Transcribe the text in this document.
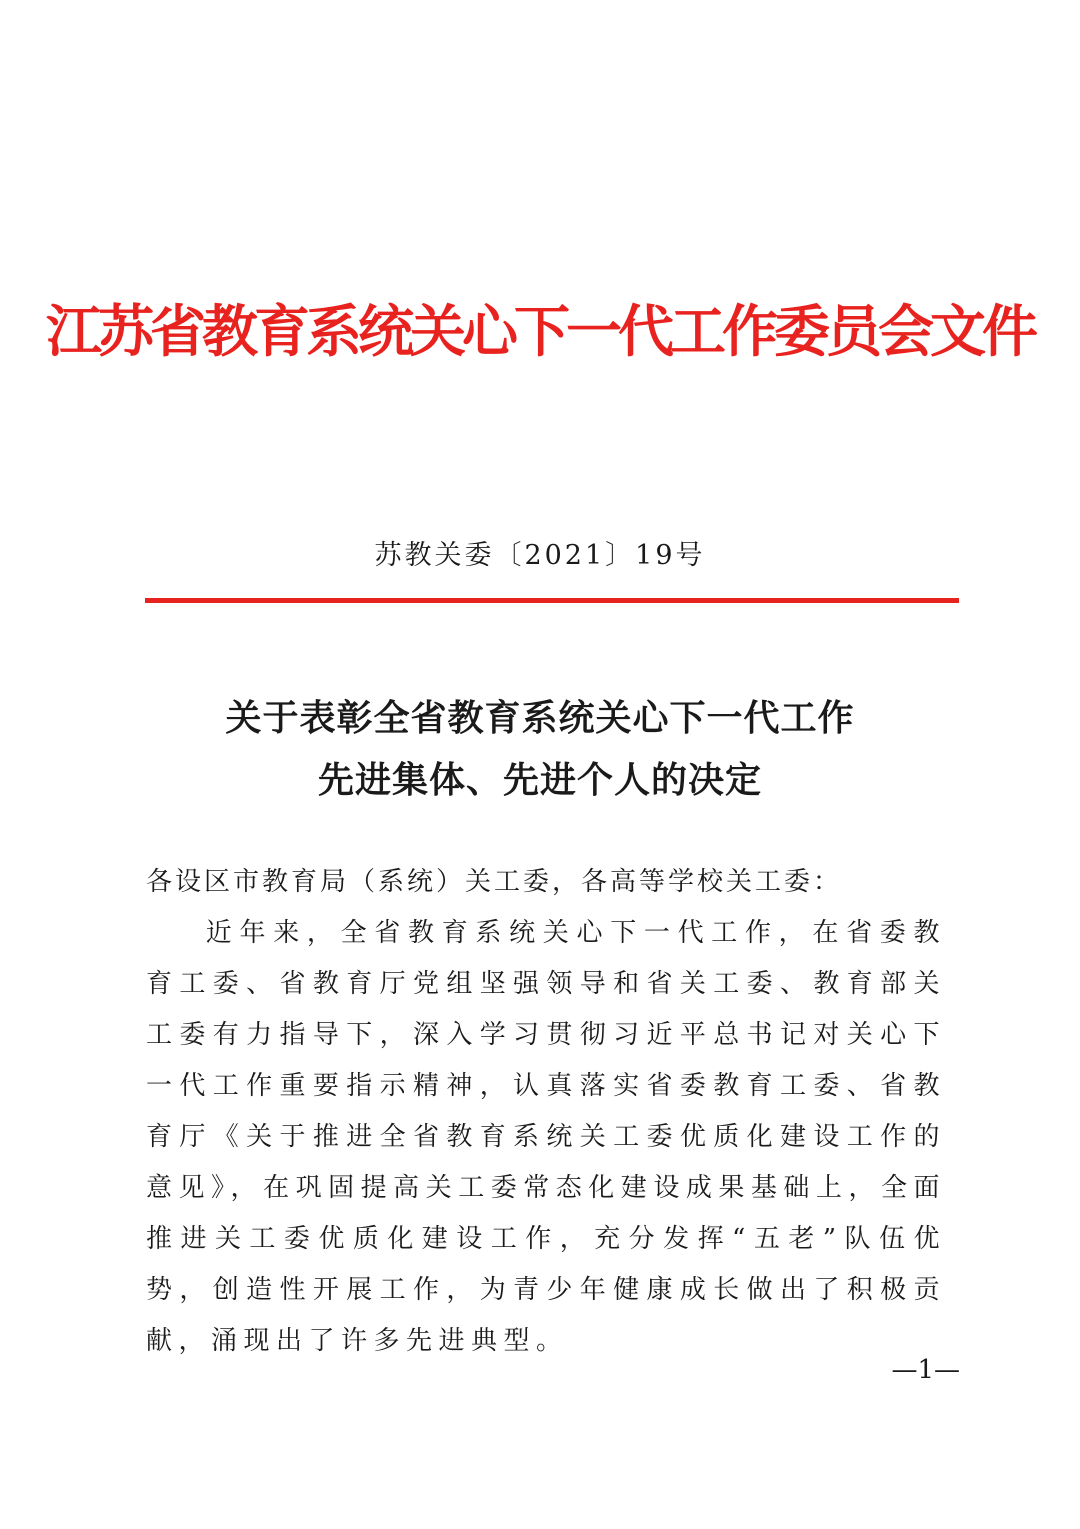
江苏省教育系统关心下一代工作委员会文件
苏教关委〔2021〕19号
关于表彰全省教育系统关心下一代工作
先进集体、先进个人的决定

各设区市教育局（系统）关工委，各高等学校关工委：

近年来，全省教育系统关心下一代工作，在省委教育工委、省教育厅党组坚强领导和省关工委、教育部关工委有力指导下，深入学习贯彻习近平总书记对关心下一代工作重要指示精神，认真落实省委教育工委、省教育厅《关于推进全省教育系统关工委优质化建设工作的意见》，在巩固提高关工委常态化建设成果基础上，全面推进关工委优质化建设工作，充分发挥“五老”队伍优势，创造性开展工作，为青少年健康成长做出了积极贡献，涌现出了许多先进典型。

—1—
